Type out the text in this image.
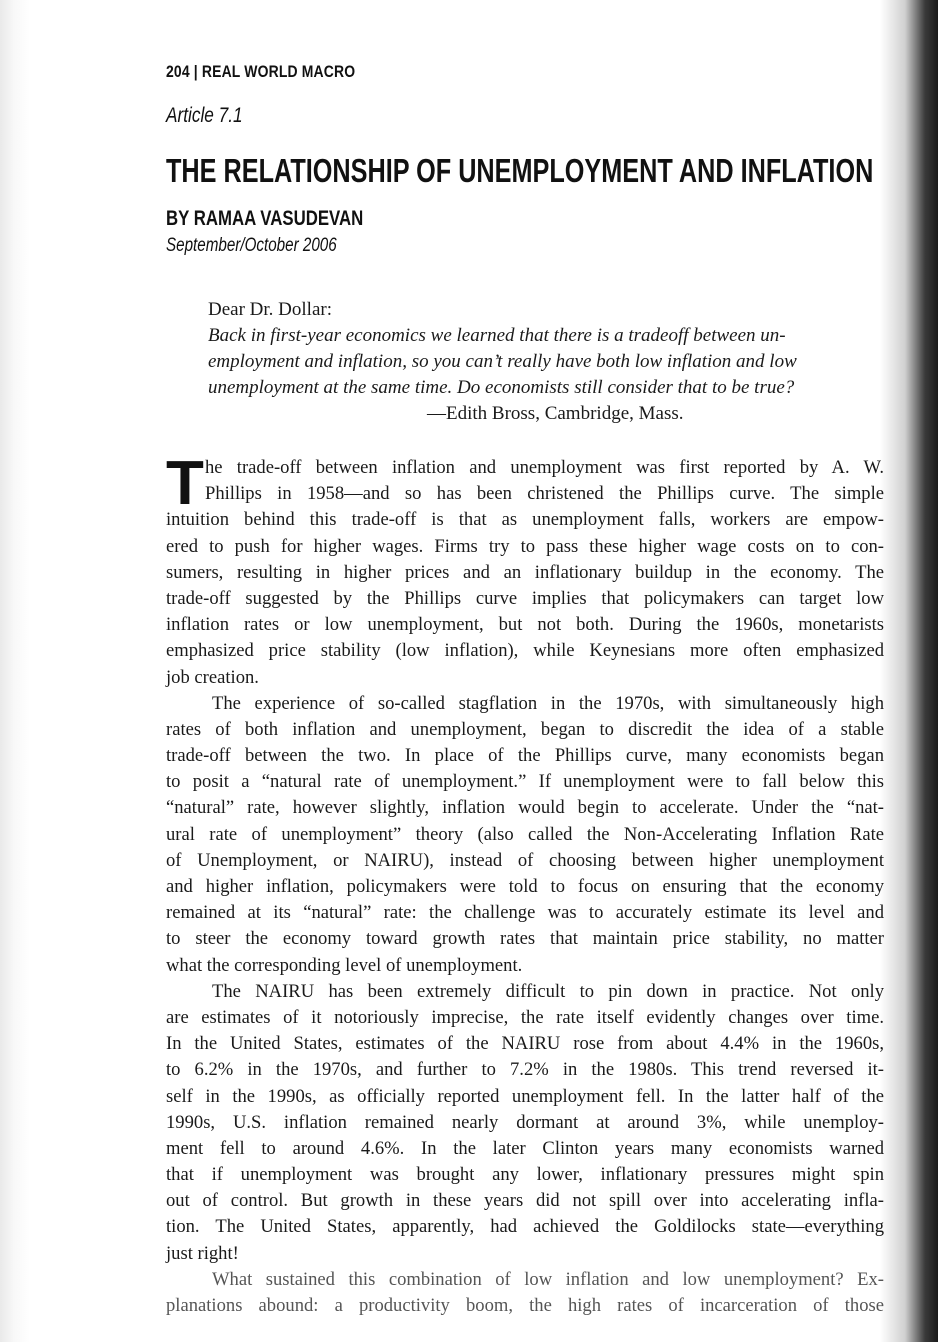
204 | REAL WORLD MACRO
Article 7.1
THE RELATIONSHIP OF UNEMPLOYMENT AND INFLATION
BY RAMAA VASUDEVAN
September/October 2006
Dear Dr. Dollar:
Back in first-year economics we learned that there is a tradeoff between un-
employment and inflation, so you can’t really have both low inflation and low
unemployment at the same time. Do economists still consider that to be true?
—Edith Bross, Cambridge, Mass.
T he trade-off between inflation and unemployment was first reported by A. W.
Phillips in 1958—and so has been christened the Phillips curve. The simple
intuition behind this trade-off is that as unemployment falls, workers are empow-
ered to push for higher wages. Firms try to pass these higher wage costs on to con-
sumers, resulting in higher prices and an inflationary buildup in the economy. The
trade-off suggested by the Phillips curve implies that policymakers can target low
inflation rates or low unemployment, but not both. During the 1960s, monetarists
emphasized price stability (low inflation), while Keynesians more often emphasized
job creation.
The experience of so-called stagflation in the 1970s, with simultaneously high
rates of both inflation and unemployment, began to discredit the idea of a stable
trade-off between the two. In place of the Phillips curve, many economists began
to posit a “natural rate of unemployment.” If unemployment were to fall below this
“natural” rate, however slightly, inflation would begin to accelerate. Under the “nat-
ural rate of unemployment” theory (also called the Non-Accelerating Inflation Rate
of Unemployment, or NAIRU), instead of choosing between higher unemployment
and higher inflation, policymakers were told to focus on ensuring that the economy
remained at its “natural” rate: the challenge was to accurately estimate its level and
to steer the economy toward growth rates that maintain price stability, no matter
what the corresponding level of unemployment.
The NAIRU has been extremely difficult to pin down in practice. Not only
are estimates of it notoriously imprecise, the rate itself evidently changes over time.
In the United States, estimates of the NAIRU rose from about 4.4% in the 1960s,
to 6.2% in the 1970s, and further to 7.2% in the 1980s. This trend reversed it-
self in the 1990s, as officially reported unemployment fell. In the latter half of the
1990s, U.S. inflation remained nearly dormant at around 3%, while unemploy-
ment fell to around 4.6%. In the later Clinton years many economists warned
that if unemployment was brought any lower, inflationary pressures might spin
out of control. But growth in these years did not spill over into accelerating infla-
tion. The United States, apparently, had achieved the Goldilocks state—everything
just right!
What sustained this combination of low inflation and low unemployment? Ex-
planations abound: a productivity boom, the high rates of incarceration of those
